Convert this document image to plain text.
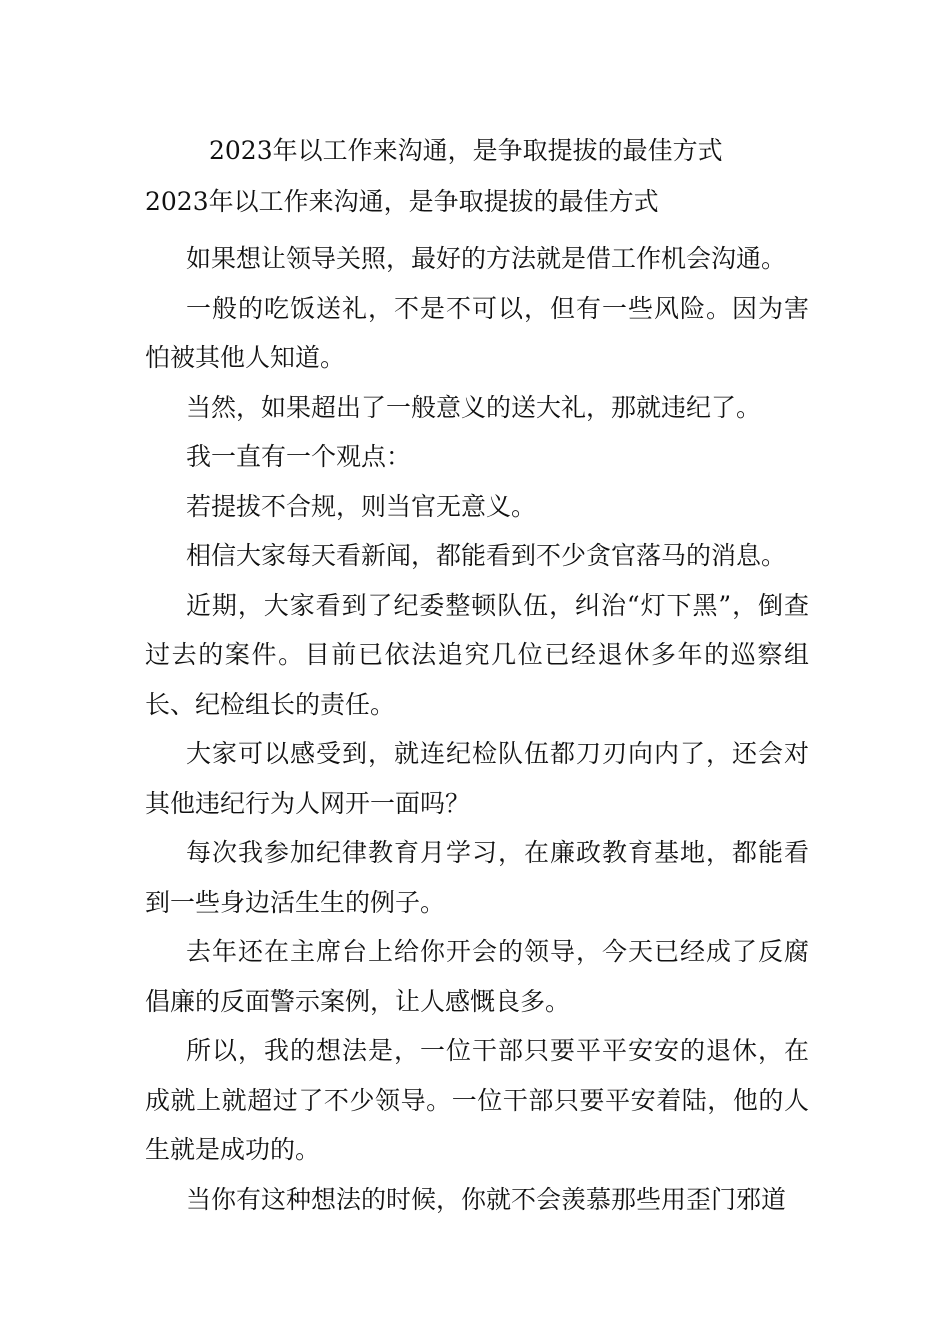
2023年以工作来沟通，是争取提拔的最佳方式
2023年以工作来沟通，是争取提拔的最佳方式

如果想让领导关照，最好的方法就是借工作机会沟通。

一般的吃饭送礼，不是不可以，但有一些风险。因为害怕被其他人知道。

当然，如果超出了一般意义的送大礼，那就违纪了。

我一直有一个观点：

若提拔不合规，则当官无意义。

相信大家每天看新闻，都能看到不少贪官落马的消息。

近期，大家看到了纪委整顿队伍，纠治“灯下黑”，倒查过去的案件。目前已依法追究几位已经退休多年的巡察组长、纪检组长的责任。

大家可以感受到，就连纪检队伍都刀刃向内了，还会对其他违纪行为人网开一面吗？

每次我参加纪律教育月学习，在廉政教育基地，都能看到一些身边活生生的例子。

去年还在主席台上给你开会的领导，今天已经成了反腐倡廉的反面警示案例，让人感慨良多。

所以，我的想法是，一位干部只要平平安安的退休，在成就上就超过了不少领导。一位干部只要平安着陆，他的人生就是成功的。

当你有这种想法的时候，你就不会羡慕那些用歪门邪道
